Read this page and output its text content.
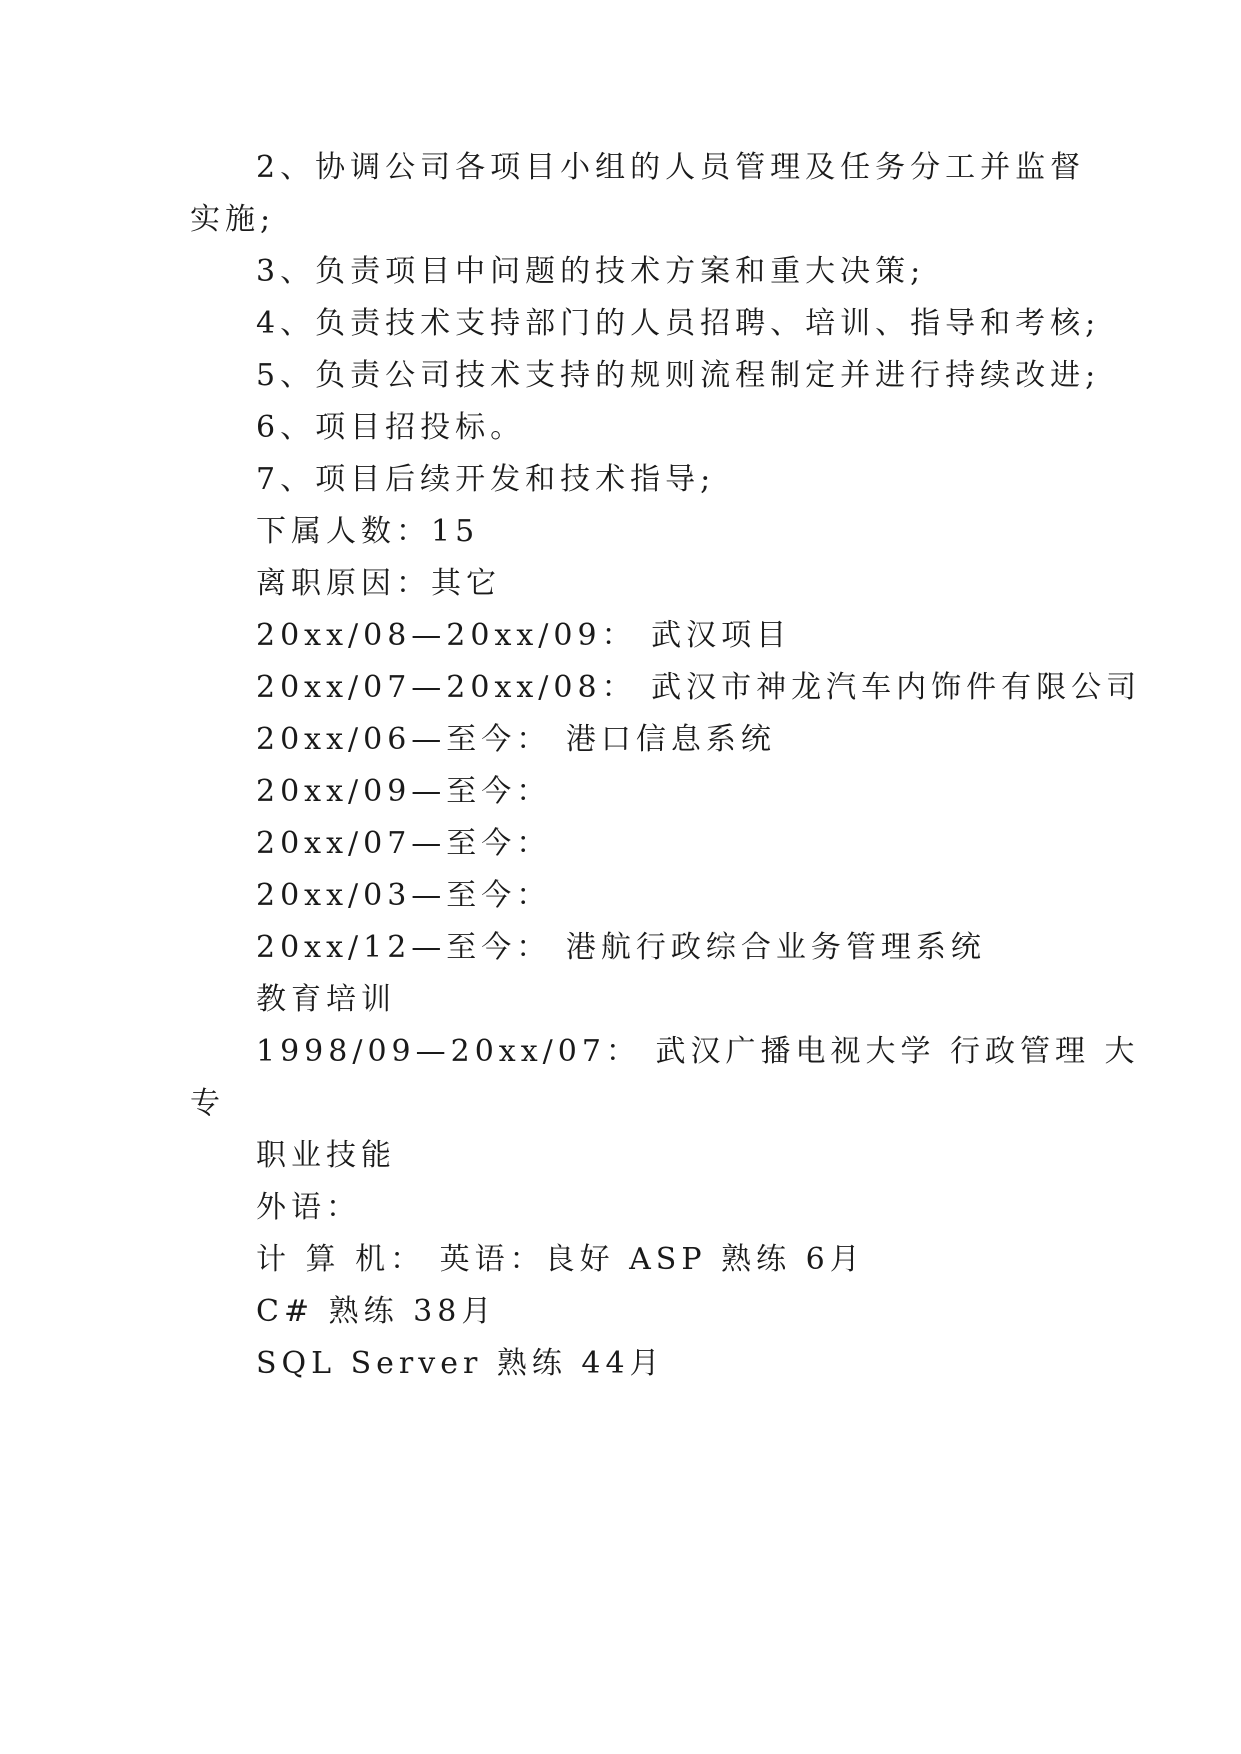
2、协调公司各项目小组的人员管理及任务分工并监督
实施;
3、负责项目中问题的技术方案和重大决策;
4、负责技术支持部门的人员招聘、培训、指导和考核;
5、负责公司技术支持的规则流程制定并进行持续改进;
6、项目招投标。
7、项目后续开发和技术指导;
下属人数：15
离职原因：其它
20xx/08—20xx/09： 武汉项目
20xx/07—20xx/08： 武汉市神龙汽车内饰件有限公司
20xx/06—至今： 港口信息系统
20xx/09—至今：
20xx/07—至今：
20xx/03—至今：
20xx/12—至今： 港航行政综合业务管理系统
教育培训
1998/09—20xx/07： 武汉广播电视大学 行政管理 大
专
职业技能
外语：
计 算 机： 英语：良好 ASP 熟练 6月
C# 熟练 38月
SQL Server 熟练 44月
